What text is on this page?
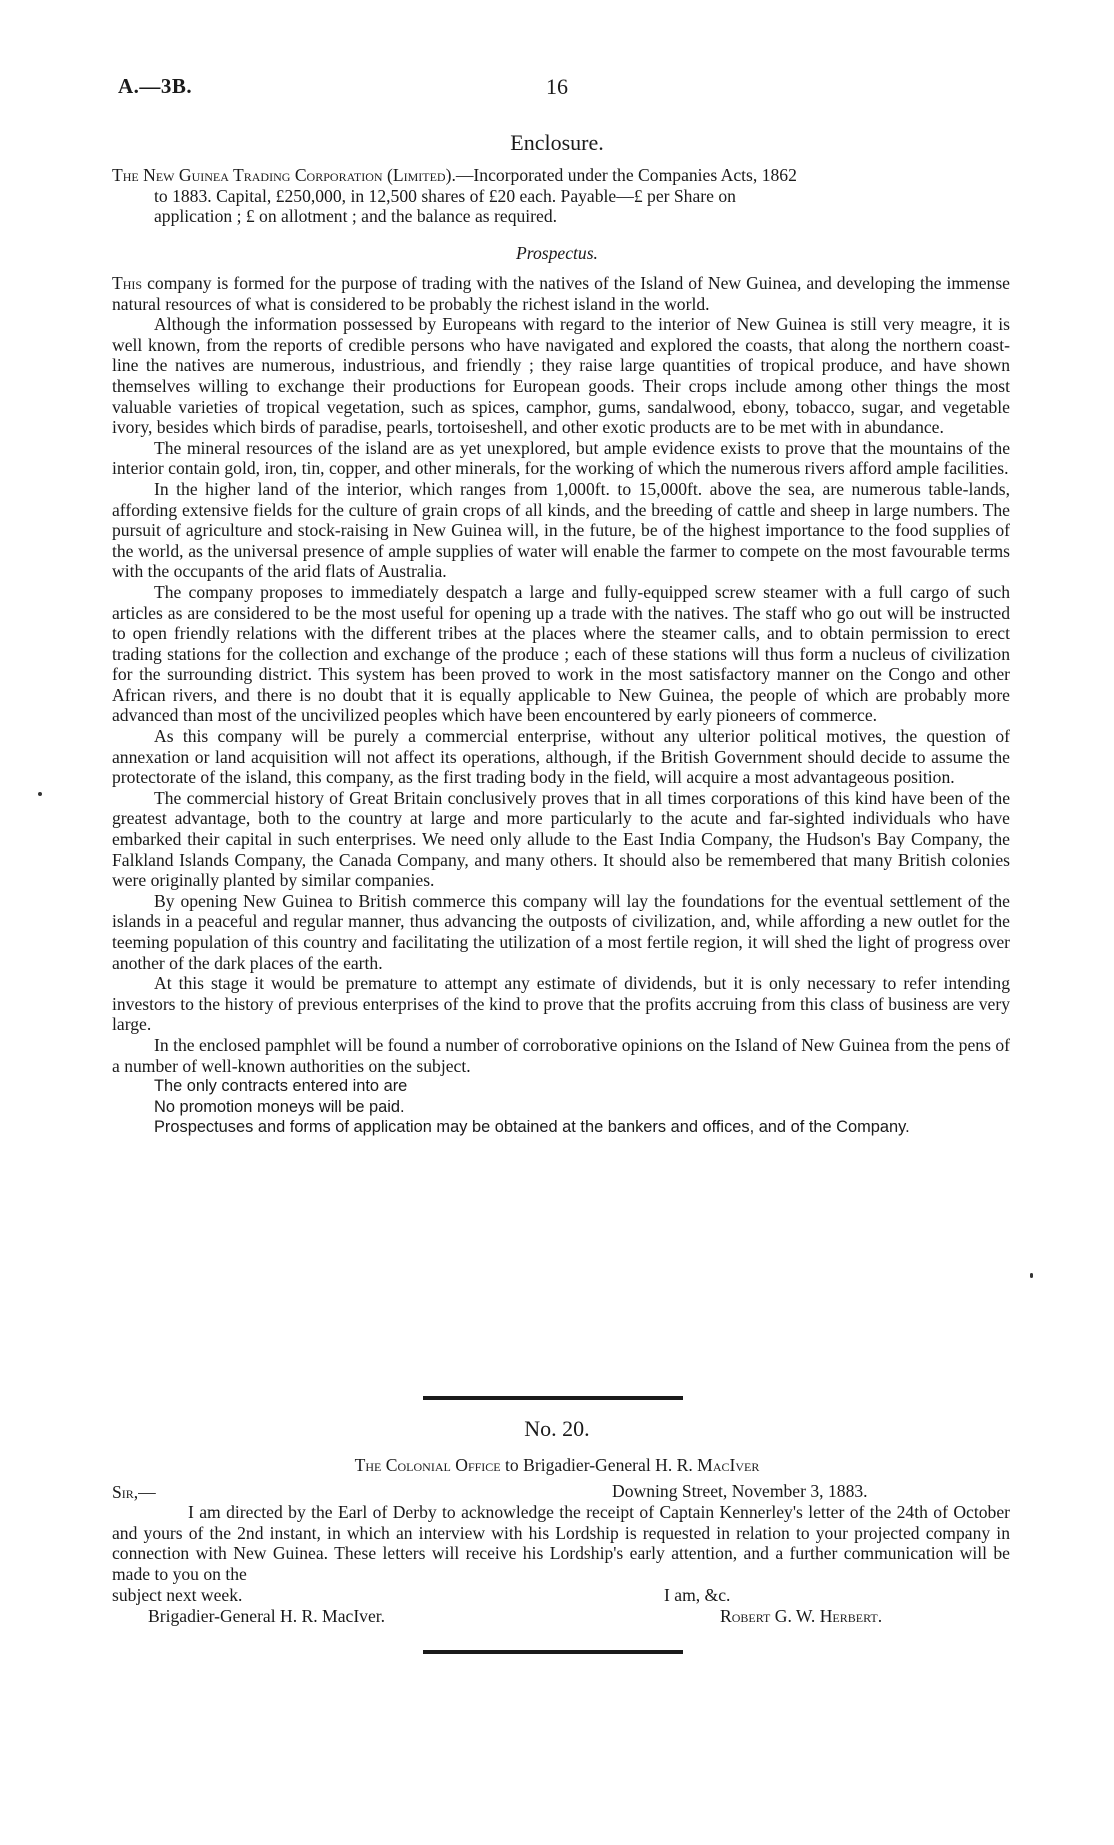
A.—3B.	16
Enclosure.
The New Guinea Trading Corporation (Limited).—Incorporated under the Companies Acts, 1862
to 1883. Capital, £250,000, in 12,500 shares of £20 each. Payable—£ per Share on
application ; £ on allotment ; and the balance as required.
Prospectus.

This company is formed for the purpose of trading with the natives of the Island of New Guinea, and developing the immense natural resources of what is considered to be probably the richest island in the world.

Although the information possessed by Europeans with regard to the interior of New Guinea is still very meagre, it is well known, from the reports of credible persons who have navigated and explored the coasts, that along the northern coast-line the natives are numerous, industrious, and friendly ; they raise large quantities of tropical produce, and have shown themselves willing to exchange their productions for European goods. Their crops include among other things the most valuable varieties of tropical vegetation, such as spices, camphor, gums, sandalwood, ebony, tobacco, sugar, and vegetable ivory, besides which birds of paradise, pearls, tortoiseshell, and other exotic products are to be met with in abundance.

The mineral resources of the island are as yet unexplored, but ample evidence exists to prove that the mountains of the interior contain gold, iron, tin, copper, and other minerals, for the working of which the numerous rivers afford ample facilities.

In the higher land of the interior, which ranges from 1,000ft. to 15,000ft. above the sea, are numerous table-lands, affording extensive fields for the culture of grain crops of all kinds, and the breeding of cattle and sheep in large numbers. The pursuit of agriculture and stock-raising in New Guinea will, in the future, be of the highest importance to the food supplies of the world, as the universal presence of ample supplies of water will enable the farmer to compete on the most favourable terms with the occupants of the arid flats of Australia.

The company proposes to immediately despatch a large and fully-equipped screw steamer with a full cargo of such articles as are considered to be the most useful for opening up a trade with the natives. The staff who go out will be instructed to open friendly relations with the different tribes at the places where the steamer calls, and to obtain permission to erect trading stations for the collection and exchange of the produce ; each of these stations will thus form a nucleus of civilization for the surrounding district. This system has been proved to work in the most satisfactory manner on the Congo and other African rivers, and there is no doubt that it is equally applicable to New Guinea, the people of which are probably more advanced than most of the uncivilized peoples which have been encountered by early pioneers of commerce.

As this company will be purely a commercial enterprise, without any ulterior political motives, the question of annexation or land acquisition will not affect its operations, although, if the British Government should decide to assume the protectorate of the island, this company, as the first trading body in the field, will acquire a most advantageous position.

The commercial history of Great Britain conclusively proves that in all times corporations of this kind have been of the greatest advantage, both to the country at large and more particularly to the acute and far-sighted individuals who have embarked their capital in such enterprises. We need only allude to the East India Company, the Hudson's Bay Company, the Falkland Islands Company, the Canada Company, and many others. It should also be remembered that many British colonies were originally planted by similar companies.

By opening New Guinea to British commerce this company will lay the foundations for the eventual settlement of the islands in a peaceful and regular manner, thus advancing the outposts of civilization, and, while affording a new outlet for the teeming population of this country and facilitating the utilization of a most fertile region, it will shed the light of progress over another of the dark places of the earth.

At this stage it would be premature to attempt any estimate of dividends, but it is only necessary to refer intending investors to the history of previous enterprises of the kind to prove that the profits accruing from this class of business are very large.

In the enclosed pamphlet will be found a number of corroborative opinions on the Island of New Guinea from the pens of a number of well-known authorities on the subject.

The only contracts entered into are

No promotion moneys will be paid.

Prospectuses and forms of application may be obtained at the bankers and offices, and of the Company.

No. 20.
The Colonial Office to Brigadier-General H. R. MacIver
Sir,—	Downing Street, November 3, 1883.

I am directed by the Earl of Derby to acknowledge the receipt of Captain Kennerley's letter of the 24th of October and yours of the 2nd instant, in which an interview with his Lordship is requested in relation to your projected company in connection with New Guinea. These letters will receive his Lordship's early attention, and a further communication will be made to you on the

subject next week.	I am, &c.
Brigadier-General H. R. MacIver.	Robert G. W. Herbert.
